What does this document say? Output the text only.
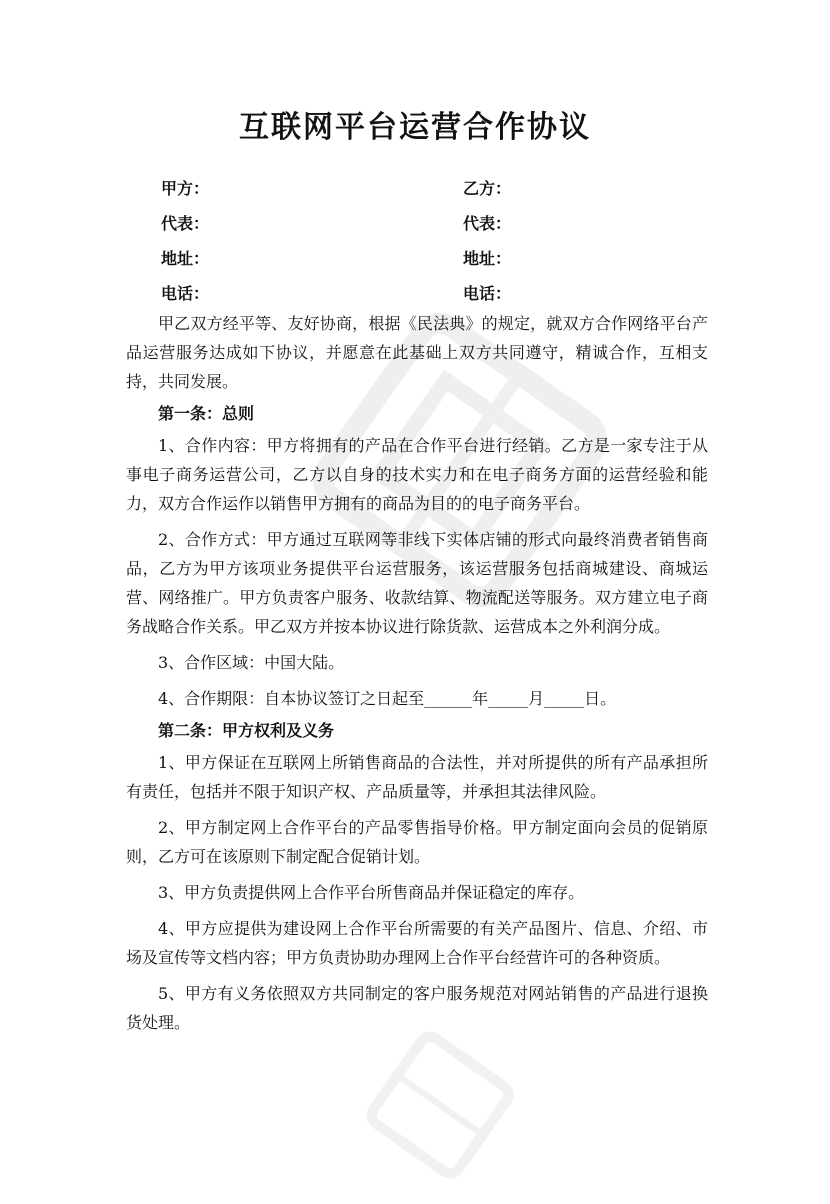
互联网平台运营合作协议
甲方：
代表：
地址：
电话：
乙方：
代表：
地址：
电话：

甲乙双方经平等、友好协商，根据《民法典》的规定，就双方合作网络平台产品运营服务达成如下协议，并愿意在此基础上双方共同遵守，精诚合作，互相支持，共同发展。

第一条：总则

1、合作内容：甲方将拥有的产品在合作平台进行经销。乙方是一家专注于从事电子商务运营公司，乙方以自身的技术实力和在电子商务方面的运营经验和能力，双方合作运作以销售甲方拥有的商品为目的的电子商务平台。

2、合作方式：甲方通过互联网等非线下实体店铺的形式向最终消费者销售商品，乙方为甲方该项业务提供平台运营服务，该运营服务包括商城建设、商城运营、网络推广。甲方负责客户服务、收款结算、物流配送等服务。双方建立电子商务战略合作关系。甲乙双方并按本协议进行除货款、运营成本之外利润分成。

3、合作区域：中国大陆。

4、合作期限：自本协议签订之日起至______年_____月_____日。

第二条：甲方权利及义务

1、甲方保证在互联网上所销售商品的合法性，并对所提供的所有产品承担所有责任，包括并不限于知识产权、产品质量等，并承担其法律风险。

2、甲方制定网上合作平台的产品零售指导价格。甲方制定面向会员的促销原则，乙方可在该原则下制定配合促销计划。

3、甲方负责提供网上合作平台所售商品并保证稳定的库存。

4、甲方应提供为建设网上合作平台所需要的有关产品图片、信息、介绍、市场及宣传等文档内容；甲方负责协助办理网上合作平台经营许可的各种资质。

5、甲方有义务依照双方共同制定的客户服务规范对网站销售的产品进行退换货处理。
